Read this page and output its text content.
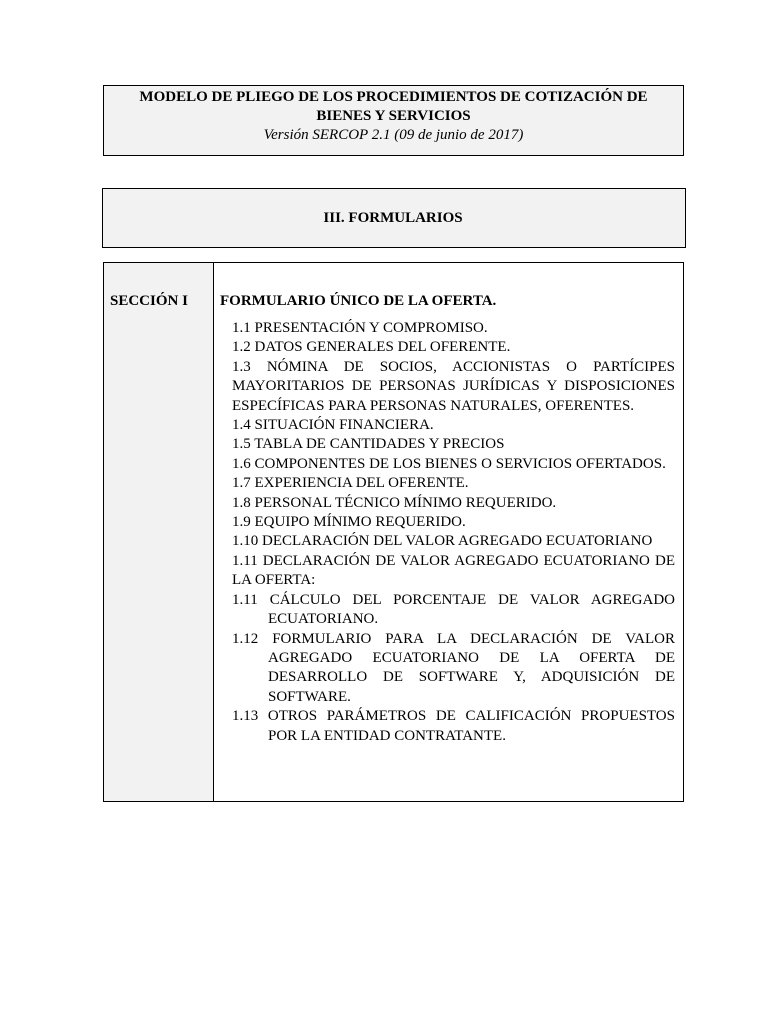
MODELO DE PLIEGO DE LOS PROCEDIMIENTOS DE COTIZACIÓN DE BIENES Y SERVICIOS
Versión SERCOP 2.1 (09 de junio de 2017)
III. FORMULARIOS
SECCIÓN I	FORMULARIO ÚNICO DE LA OFERTA.
1.1 PRESENTACIÓN Y COMPROMISO.
1.2 DATOS GENERALES DEL OFERENTE.
1.3 NÓMINA DE SOCIOS, ACCIONISTAS O PARTÍCIPES MAYORITARIOS DE PERSONAS JURÍDICAS Y DISPOSICIONES ESPECÍFICAS PARA PERSONAS NATURALES, OFERENTES.
1.4 SITUACIÓN FINANCIERA.
1.5 TABLA DE CANTIDADES Y PRECIOS
1.6 COMPONENTES DE LOS BIENES O SERVICIOS OFERTADOS.
1.7 EXPERIENCIA DEL OFERENTE.
1.8 PERSONAL TÉCNICO MÍNIMO REQUERIDO.
1.9 EQUIPO MÍNIMO REQUERIDO.
1.10 DECLARACIÓN DEL VALOR AGREGADO ECUATORIANO
1.11 DECLARACIÓN DE VALOR AGREGADO ECUATORIANO DE LA OFERTA:
1.11 CÁLCULO DEL PORCENTAJE DE VALOR AGREGADO ECUATORIANO.
1.12 FORMULARIO PARA LA DECLARACIÓN DE VALOR AGREGADO ECUATORIANO DE LA OFERTA DE DESARROLLO DE SOFTWARE Y, ADQUISICIÓN DE SOFTWARE.
1.13 OTROS PARÁMETROS DE CALIFICACIÓN PROPUESTOS POR LA ENTIDAD CONTRATANTE.
